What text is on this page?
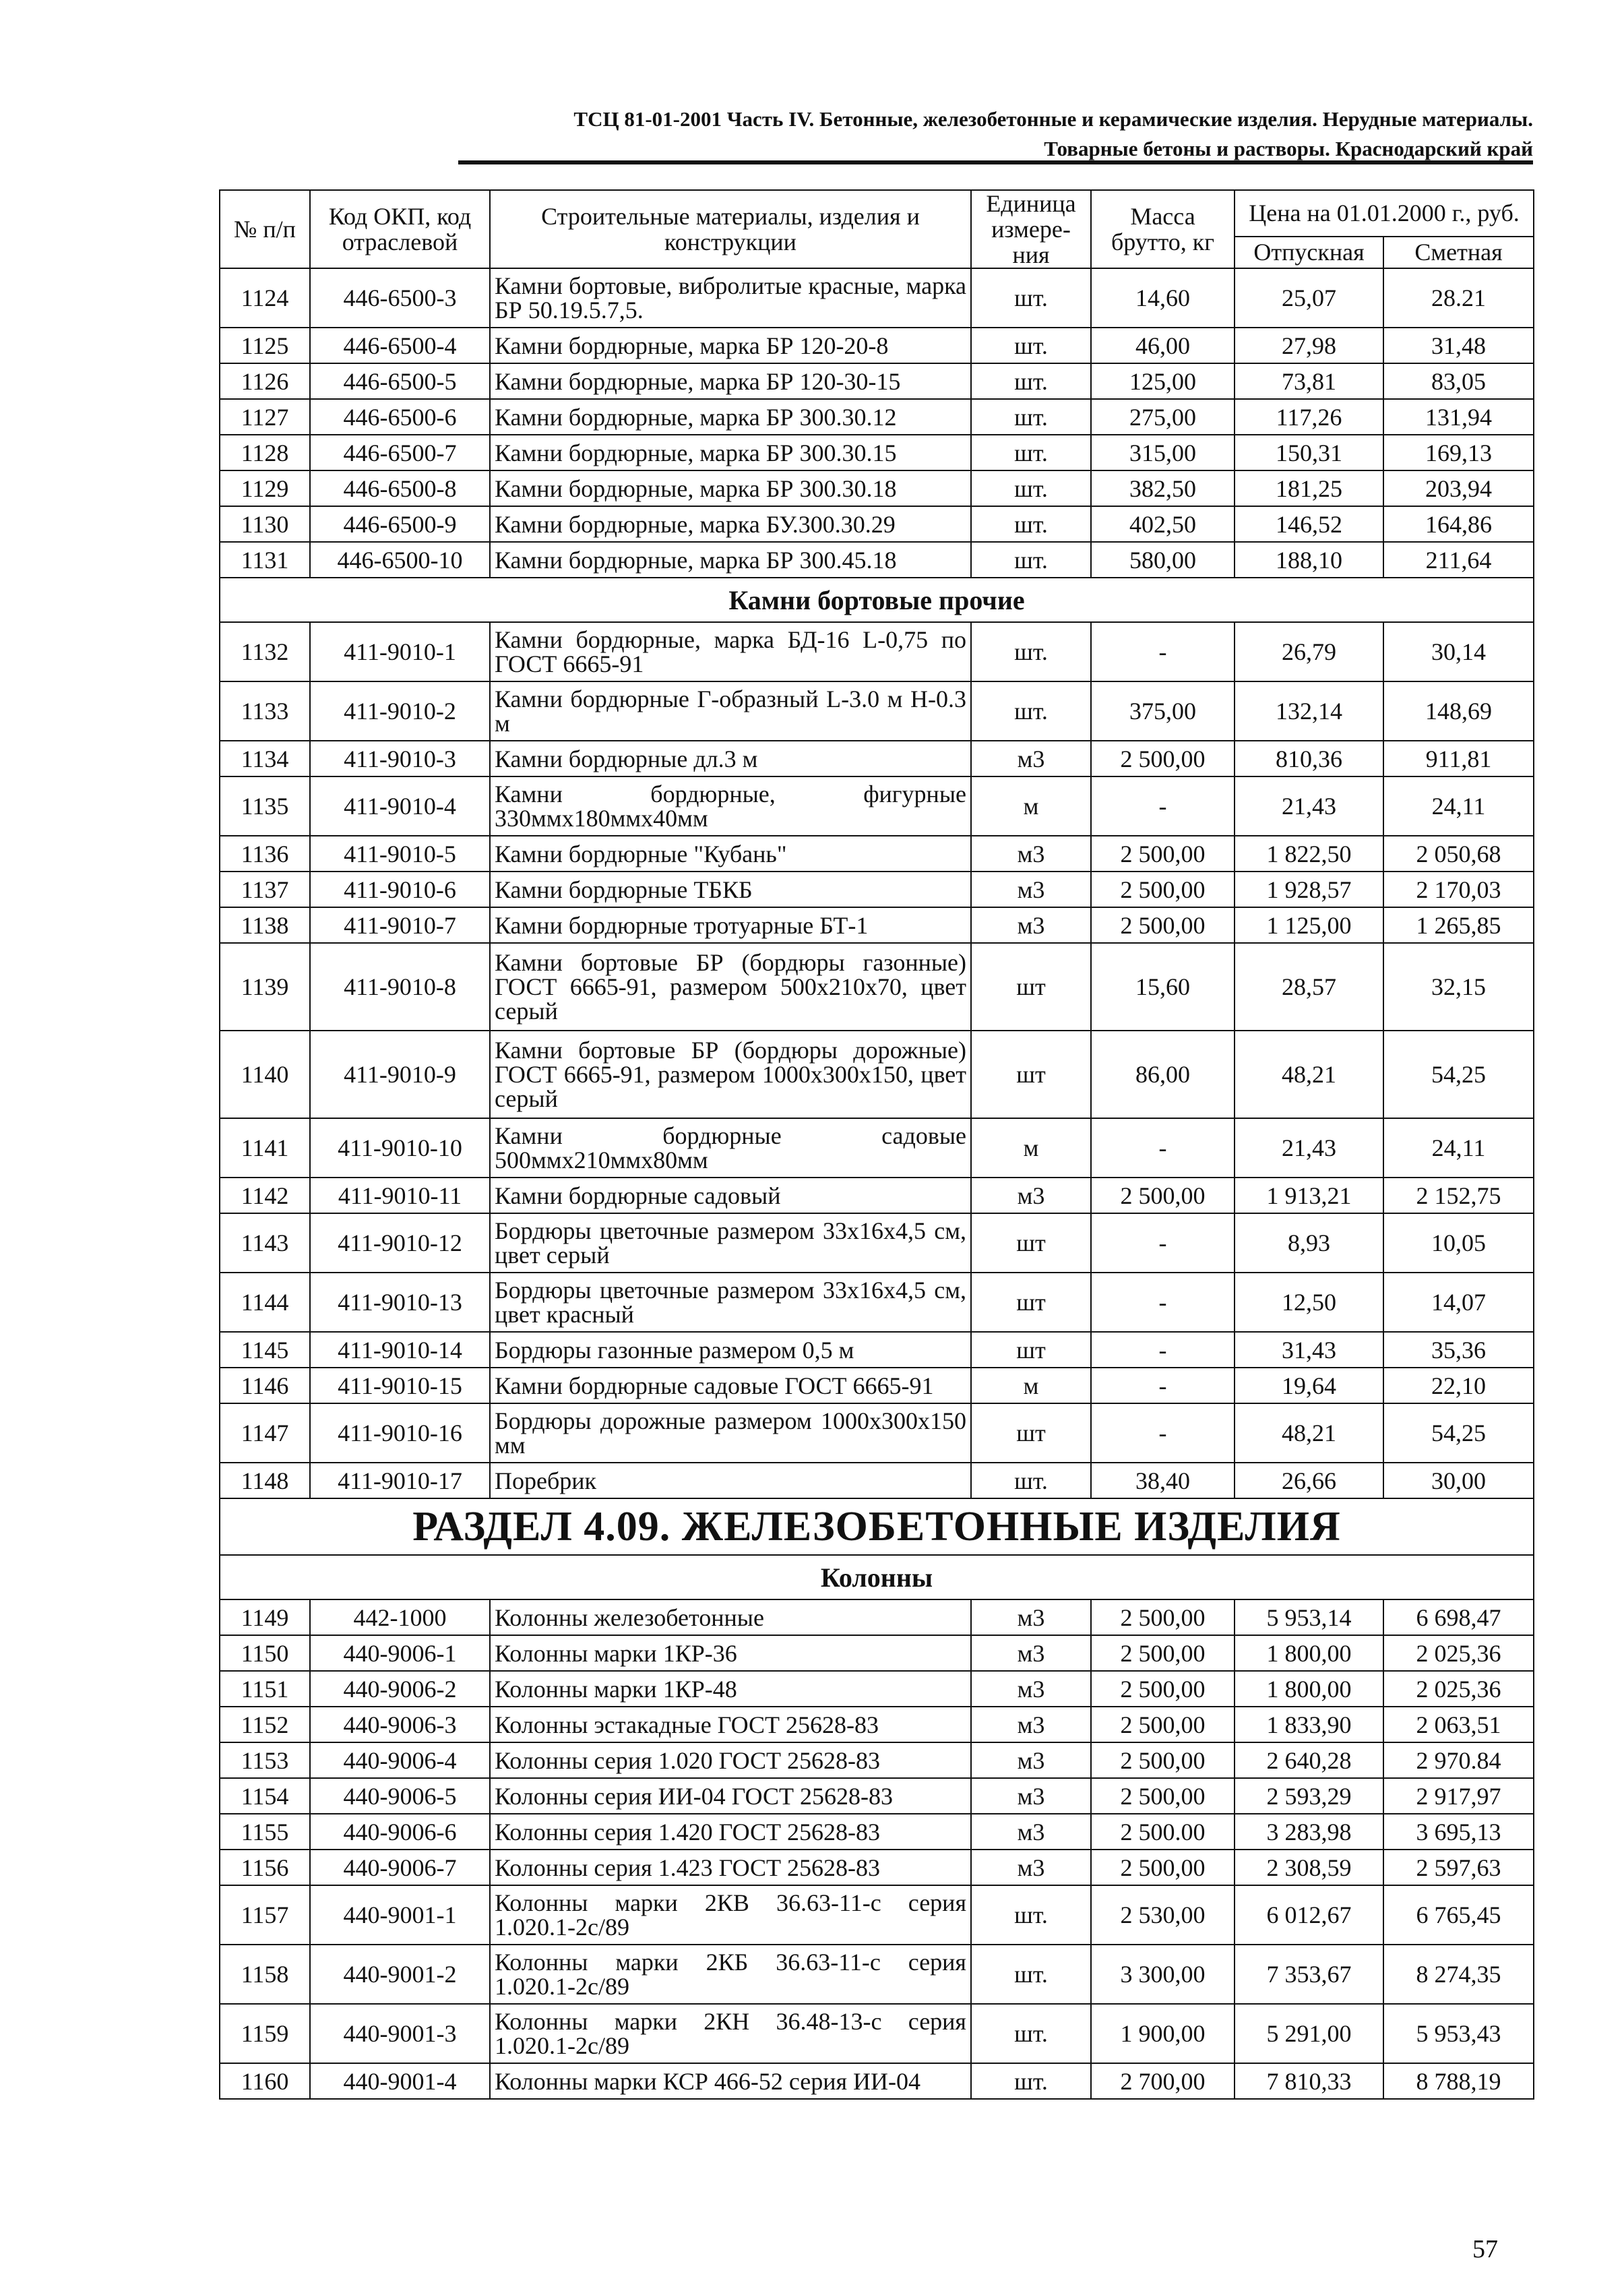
ТСЦ 81-01-2001 Часть IV. Бетонные, железобетонные и керамические изделия. Нерудные материалы.
Товарные бетоны и растворы. Краснодарский край
№ п/п	Код ОКП, код отраслевой	Строительные материалы, изделия и конструкции	Единица измере-ния	Масса брутто, кг	Цена на 01.01.2000 г., руб.	
					Отпускная	Сметная
1124	446-6500-3	Камни бортовые, вибролитые красные, марка БР 50.19.5.7,5.	шт.	14,60	25,07	28.21
1125	446-6500-4	Камни бордюрные, марка БР 120-20-8	шт.	46,00	27,98	31,48
1126	446-6500-5	Камни бордюрные, марка БР 120-30-15	шт.	125,00	73,81	83,05
1127	446-6500-6	Камни бордюрные, марка БР 300.30.12	шт.	275,00	117,26	131,94
1128	446-6500-7	Камни бордюрные, марка БР 300.30.15	шт.	315,00	150,31	169,13
1129	446-6500-8	Камни бордюрные, марка БР 300.30.18	шт.	382,50	181,25	203,94
1130	446-6500-9	Камни бордюрные, марка БУ.300.30.29	шт.	402,50	146,52	164,86
1131	446-6500-10	Камни бордюрные, марка БР 300.45.18	шт.	580,00	188,10	211,64
Камни бортовые прочие						
1132	411-9010-1	Камни бордюрные, марка БД-16 L-0,75 по ГОСТ 6665-91	шт.	-	26,79	30,14
1133	411-9010-2	Камни бордюрные Г-образный L-3.0 м H-0.3 м	шт.	375,00	132,14	148,69
1134	411-9010-3	Камни бордюрные дл.3 м	м3	2 500,00	810,36	911,81
1135	411-9010-4	Камни бордюрные, фигурные 330ммх180ммх40мм	м	-	21,43	24,11
1136	411-9010-5	Камни бордюрные "Кубань"	м3	2 500,00	1 822,50	2 050,68
1137	411-9010-6	Камни бордюрные ТБКБ	м3	2 500,00	1 928,57	2 170,03
1138	411-9010-7	Камни бордюрные тротуарные БТ-1	м3	2 500,00	1 125,00	1 265,85
1139	411-9010-8	Камни бортовые БР (бордюры газонные) ГОСТ 6665-91, размером 500х210х70, цвет серый	шт	15,60	28,57	32,15
1140	411-9010-9	Камни бортовые БР (бордюры дорожные) ГОСТ 6665-91, размером 1000х300х150, цвет серый	шт	86,00	48,21	54,25
1141	411-9010-10	Камни бордюрные садовые 500ммх210ммх80мм	м	-	21,43	24,11
1142	411-9010-11	Камни бордюрные садовый	м3	2 500,00	1 913,21	2 152,75
1143	411-9010-12	Бордюры цветочные размером 33х16х4,5 см, цвет серый	шт	-	8,93	10,05
1144	411-9010-13	Бордюры цветочные размером 33х16х4,5 см, цвет красный	шт	-	12,50	14,07
1145	411-9010-14	Бордюры газонные размером 0,5 м	шт	-	31,43	35,36
1146	411-9010-15	Камни бордюрные садовые ГОСТ 6665-91	м	-	19,64	22,10
1147	411-9010-16	Бордюры дорожные размером 1000х300х150 мм	шт	-	48,21	54,25
1148	411-9010-17	Поребрик	шт.	38,40	26,66	30,00
РАЗДЕЛ 4.09. ЖЕЛЕЗОБЕТОННЫЕ ИЗДЕЛИЯ						
Колонны						
1149	442-1000	Колонны железобетонные	м3	2 500,00	5 953,14	6 698,47
1150	440-9006-1	Колонны марки 1КР-36	м3	2 500,00	1 800,00	2 025,36
1151	440-9006-2	Колонны марки 1КР-48	м3	2 500,00	1 800,00	2 025,36
1152	440-9006-3	Колонны эстакадные ГОСТ 25628-83	м3	2 500,00	1 833,90	2 063,51
1153	440-9006-4	Колонны серия 1.020 ГОСТ 25628-83	м3	2 500,00	2 640,28	2 970.84
1154	440-9006-5	Колонны серия ИИ-04 ГОСТ 25628-83	м3	2 500,00	2 593,29	2 917,97
1155	440-9006-6	Колонны серия 1.420 ГОСТ 25628-83	м3	2 500.00	3 283,98	3 695,13
1156	440-9006-7	Колонны серия 1.423 ГОСТ 25628-83	м3	2 500,00	2 308,59	2 597,63
1157	440-9001-1	Колонны марки 2КВ 36.63-11-с серия 1.020.1-2с/89	шт.	2 530,00	6 012,67	6 765,45
1158	440-9001-2	Колонны марки 2КБ 36.63-11-с серия 1.020.1-2с/89	шт.	3 300,00	7 353,67	8 274,35
1159	440-9001-3	Колонны марки 2КН 36.48-13-с серия 1.020.1-2с/89	шт.	1 900,00	5 291,00	5 953,43
1160	440-9001-4	Колонны марки КСР 466-52 серия ИИ-04	шт.	2 700,00	7 810,33	8 788,19
57
